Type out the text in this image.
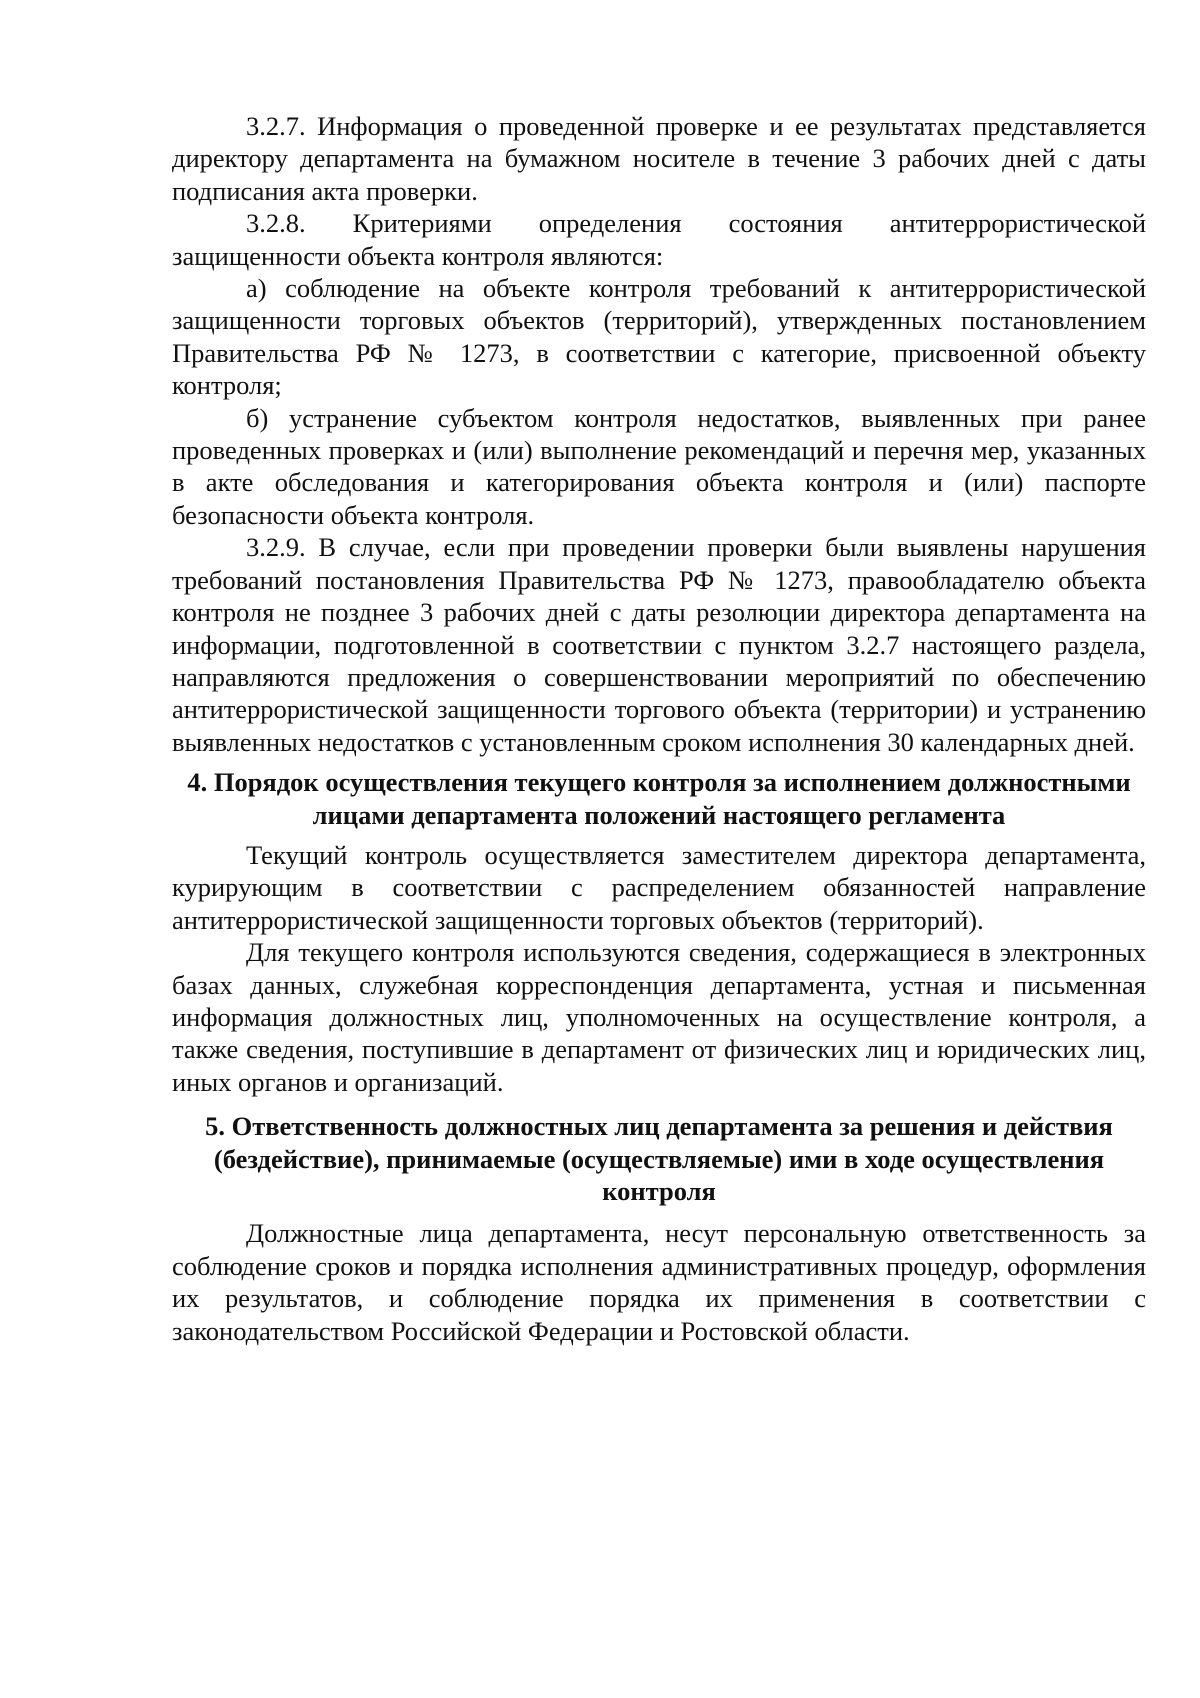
3.2.7. Информация о проведенной проверке и ее результатах представляется директору департамента на бумажном носителе в течение 3 рабочих дней с даты подписания акта проверки.

3.2.8. Критериями определения состояния антитеррористической защищенности объекта контроля являются:

а) соблюдение на объекте контроля требований к антитеррористической защищенности торговых объектов (территорий), утвержденных постановлением Правительства РФ № 1273, в соответствии с категорие, присвоенной объекту контроля;

б) устранение субъектом контроля недостатков, выявленных при ранее проведенных проверках и (или) выполнение рекомендаций и перечня мер, указанных в акте обследования и категорирования объекта контроля и (или) паспорте безопасности объекта контроля.

3.2.9. В случае, если при проведении проверки были выявлены нарушения требований постановления Правительства РФ № 1273, правообладателю объекта контроля не позднее 3 рабочих дней с даты резолюции директора департамента на информации, подготовленной в соответствии с пунктом 3.2.7 настоящего раздела, направляются предложения о совершенствовании мероприятий по обеспечению антитеррористической защищенности торгового объекта (территории) и устранению выявленных недостатков с установленным сроком исполнения 30 календарных дней.

4. Порядок осуществления текущего контроля за исполнением должностными лицами департамента положений настоящего регламента

Текущий контроль осуществляется заместителем директора департамента, курирующим в соответствии с распределением обязанностей направление антитеррористической защищенности торговых объектов (территорий).

Для текущего контроля используются сведения, содержащиеся в электронных базах данных, служебная корреспонденция департамента, устная и письменная информация должностных лиц, уполномоченных на осуществление контроля, а также сведения, поступившие в департамент от физических лиц и юридических лиц, иных органов и организаций.

5. Ответственность должностных лиц департамента за решения и действия (бездействие), принимаемые (осуществляемые) ими в ходе осуществления контроля

Должностные лица департамента, несут персональную ответственность за соблюдение сроков и порядка исполнения административных процедур, оформления их результатов, и соблюдение порядка их применения в соответствии с законодательством Российской Федерации и Ростовской области.
